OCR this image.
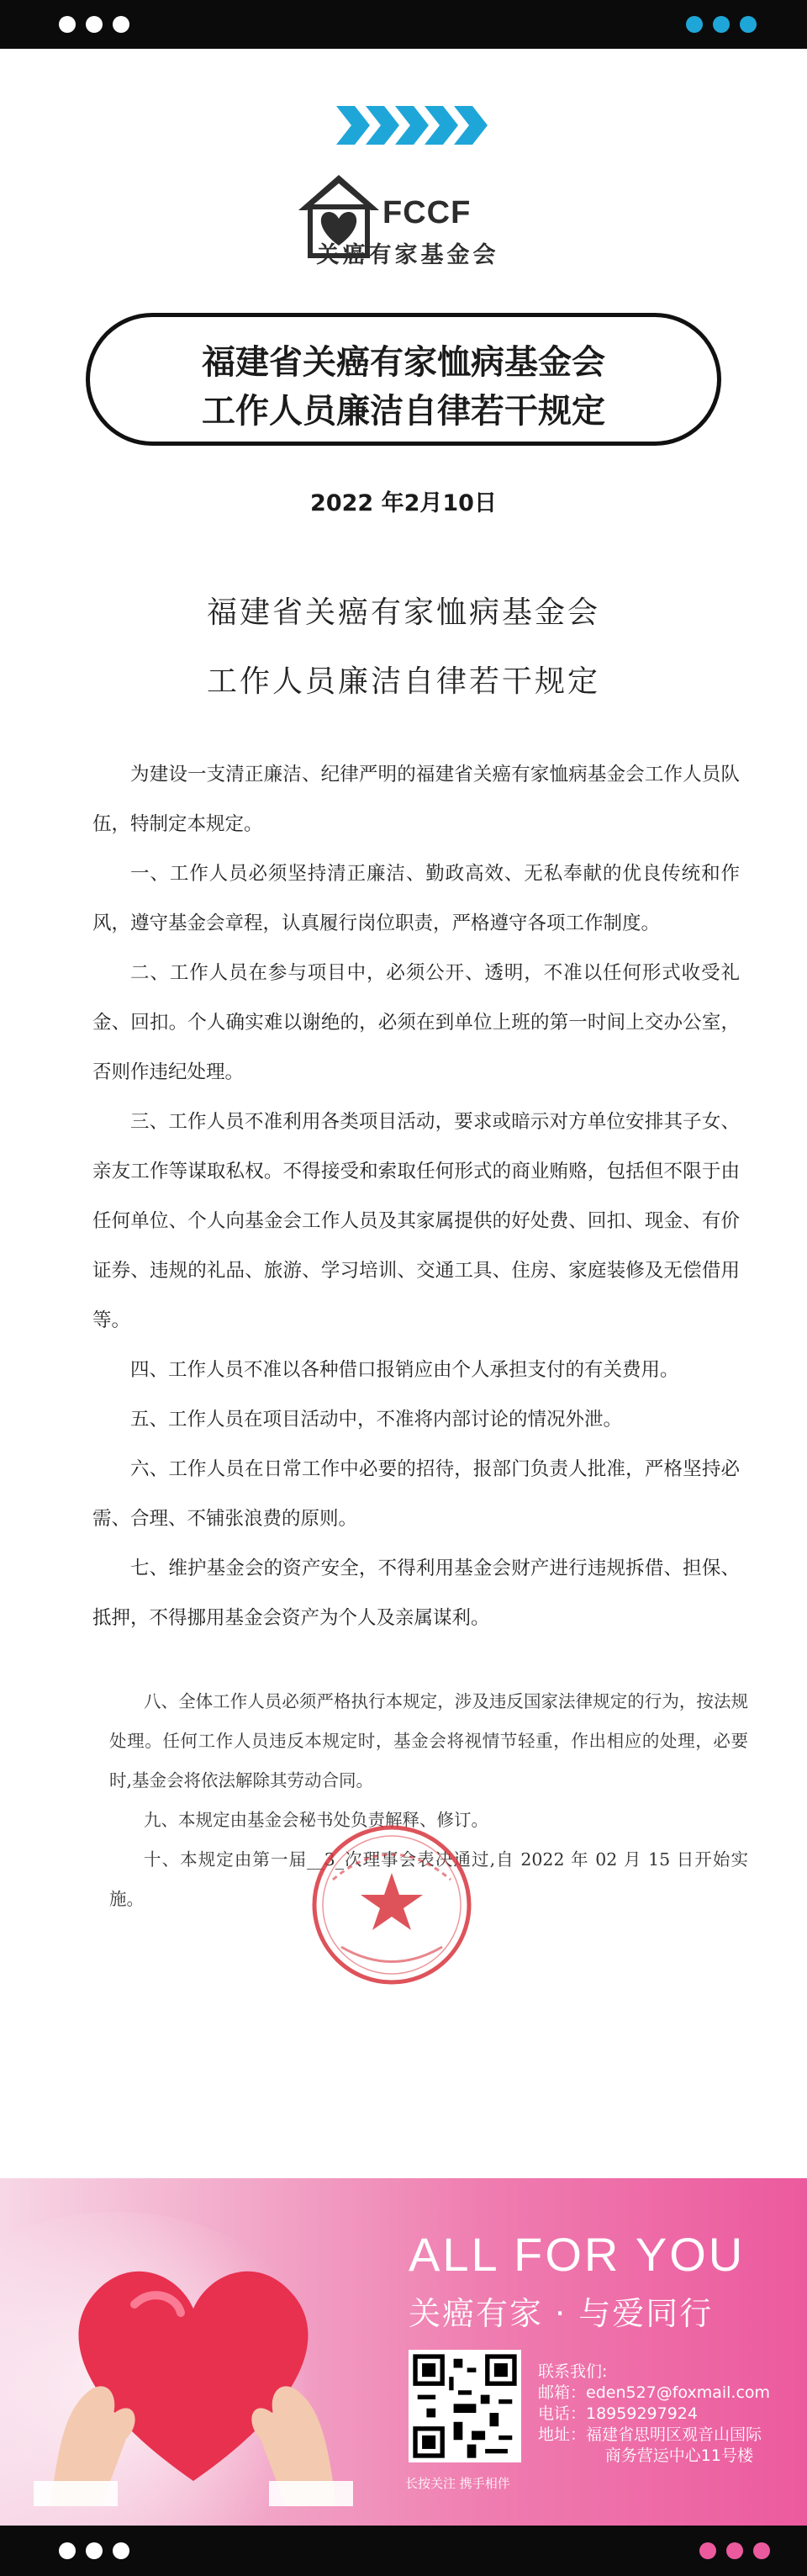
FCCF
关癌有家基金会
福建省关癌有家恤病基金会
工作人员廉洁自律若干规定
2022 年2月10日
福建省关癌有家恤病基金会
工作人员廉洁自律若干规定

为建设一支清正廉洁、纪律严明的福建省关癌有家恤病基金会工作人员队伍，特制定本规定。

一、工作人员必须坚持清正廉洁、勤政高效、无私奉献的优良传统和作风，遵守基金会章程，认真履行岗位职责，严格遵守各项工作制度。

二、工作人员在参与项目中，必须公开、透明，不准以任何形式收受礼金、回扣。个人确实难以谢绝的，必须在到单位上班的第一时间上交办公室，否则作违纪处理。

三、工作人员不准利用各类项目活动，要求或暗示对方单位安排其子女、亲友工作等谋取私权。不得接受和索取任何形式的商业贿赂，包括但不限于由任何单位、个人向基金会工作人员及其家属提供的好处费、回扣、现金、有价证券、违规的礼品、旅游、学习培训、交通工具、住房、家庭装修及无偿借用等。

四、工作人员不准以各种借口报销应由个人承担支付的有关费用。

五、工作人员在项目活动中，不准将内部讨论的情况外泄。

六、工作人员在日常工作中必要的招待，报部门负责人批准，严格坚持必需、合理、不铺张浪费的原则。

七、维护基金会的资产安全，不得利用基金会财产进行违规拆借、担保、抵押，不得挪用基金会资产为个人及亲属谋利。

八、全体工作人员必须严格执行本规定，涉及违反国家法律规定的行为，按法规处理。任何工作人员违反本规定时，基金会将视情节轻重，作出相应的处理，必要时,基金会将依法解除其劳动合同。

九、本规定由基金会秘书处负责解释、修订。

十、本规定由第一届__3_次理事会表决通过,自 2022 年 02 月 15 日开始实施。

ALL FOR YOU
关癌有家 · 与爱同行
长按关注 携手相伴
联系我们:
邮箱：eden527@foxmail.com
电话：18959297924
地址：福建省思明区观音山国际
商务营运中心11号楼
